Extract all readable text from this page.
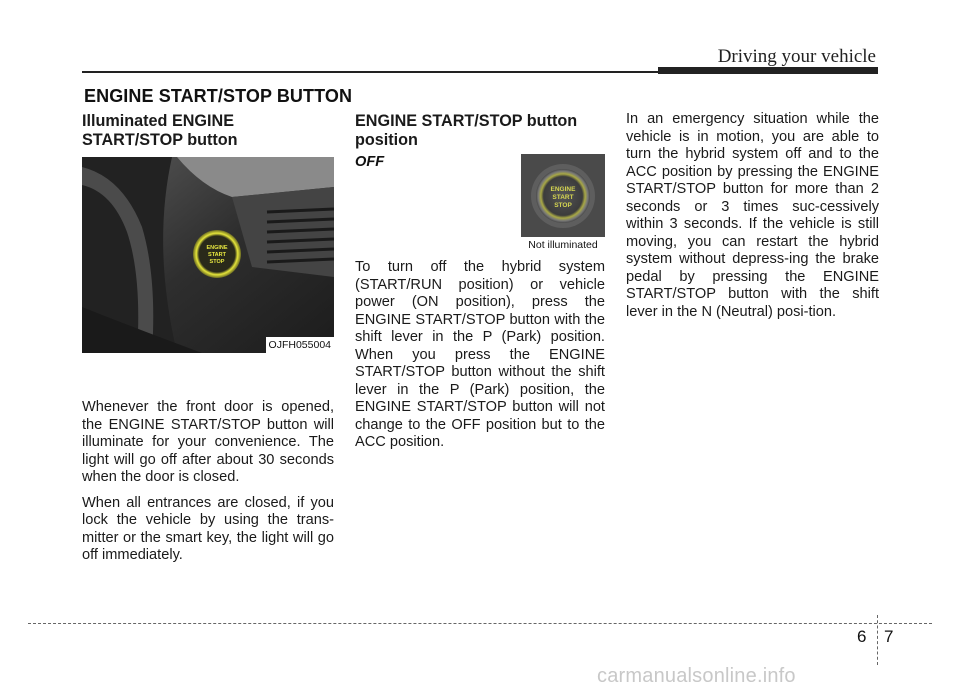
Driving your vehicle
ENGINE START/STOP BUTTON
Illuminated ENGINE
START/STOP button

Whenever the front door is opened, the ENGINE START/STOP button will illuminate for your convenience. The light will go off after about 30 seconds when the door is closed.

When all entrances are closed, if you lock the vehicle by using the trans-mitter or the smart key, the light will go off immediately.

ENGINE
START
STOP
OJFH055004
ENGINE START/STOP button
position

To turn off the hybrid system (START/RUN position) or vehicle power (ON position), press the ENGINE START/STOP button with the shift lever in the P (Park) position. When you press the ENGINE START/STOP button without the shift lever in the P (Park) position, the ENGINE START/STOP button will not change to the OFF position but to the ACC position.

OFF
ENGINE
START
STOP
Not illuminated

In an emergency situation while the vehicle is in motion, you are able to turn the hybrid system off and to the ACC position by pressing the ENGINE START/STOP button for more than 2 seconds or 3 times suc-cessively within 3 seconds. If the vehicle is still moving, you can restart the hybrid system without depress-ing the brake pedal by pressing the ENGINE START/STOP button with the shift lever in the N (Neutral) posi-tion.

6 7
carmanualsonline.info
